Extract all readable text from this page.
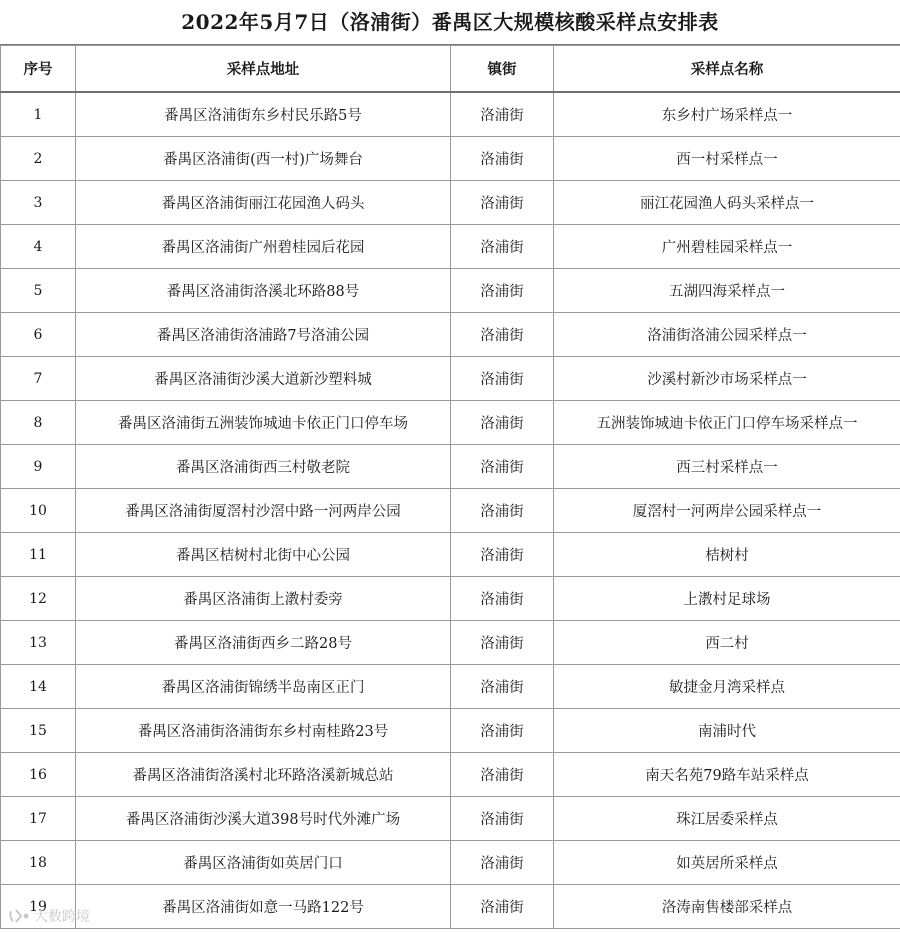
2022年5月7日（洛浦街）番禺区大规模核酸采样点安排表
序号	采样点地址	镇街	采样点名称
1	番禺区洛浦街东乡村民乐路5号	洛浦街	东乡村广场采样点一
2	番禺区洛浦街(西一村)广场舞台	洛浦街	西一村采样点一
3	番禺区洛浦街丽江花园渔人码头	洛浦街	丽江花园渔人码头采样点一
4	番禺区洛浦街广州碧桂园后花园	洛浦街	广州碧桂园采样点一
5	番禺区洛浦街洛溪北环路88号	洛浦街	五湖四海采样点一
6	番禺区洛浦街洛浦路7号洛浦公园	洛浦街	洛浦街洛浦公园采样点一
7	番禺区洛浦街沙溪大道新沙塑料城	洛浦街	沙溪村新沙市场采样点一
8	番禺区洛浦街五洲装饰城迪卡依正门口停车场	洛浦街	五洲装饰城迪卡依正门口停车场采样点一
9	番禺区洛浦街西三村敬老院	洛浦街	西三村采样点一
10	番禺区洛浦街厦滘村沙滘中路一河两岸公园	洛浦街	厦滘村一河两岸公园采样点一
11	番禺区桔树村北街中心公园	洛浦街	桔树村
12	番禺区洛浦街上漖村委旁	洛浦街	上漖村足球场
13	番禺区洛浦街西乡二路28号	洛浦街	西二村
14	番禺区洛浦街锦绣半岛南区正门	洛浦街	敏捷金月湾采样点
15	番禺区洛浦街洛浦街东乡村南桂路23号	洛浦街	南浦时代
16	番禺区洛浦街洛溪村北环路洛溪新城总站	洛浦街	南天名苑79路车站采样点
17	番禺区洛浦街沙溪大道398号时代外滩广场	洛浦街	珠江居委采样点
18	番禺区洛浦街如英居门口	洛浦街	如英居所采样点
19	番禺区洛浦街如意一马路122号	洛浦街	洛涛南售楼部采样点
大数跨境
